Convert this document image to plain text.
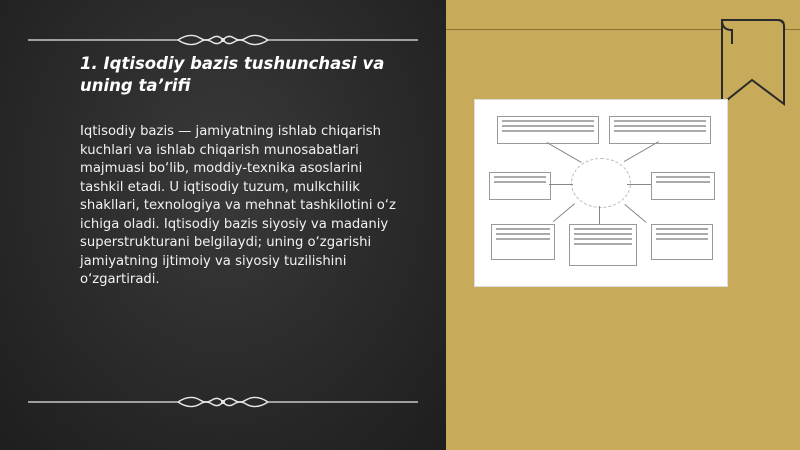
1. Iqtisodiy bazis tushunchasi va uning ta’rifi
Iqtisodiy bazis — jamiyatning ishlab chiqarish kuchlari va ishlab chiqarish munosabatlari majmuasi bo‘lib, moddiy-texnika asoslarini tashkil etadi. U iqtisodiy tuzum, mulkchilik shakllari, texnologiya va mehnat tashkilotini o‘z ichiga oladi. Iqtisodiy bazis siyosiy va madaniy superstrukturani belgilaydi; uning o‘zgarishi jamiyatning ijtimoiy va siyosiy tuzilishini o‘zgartiradi.
